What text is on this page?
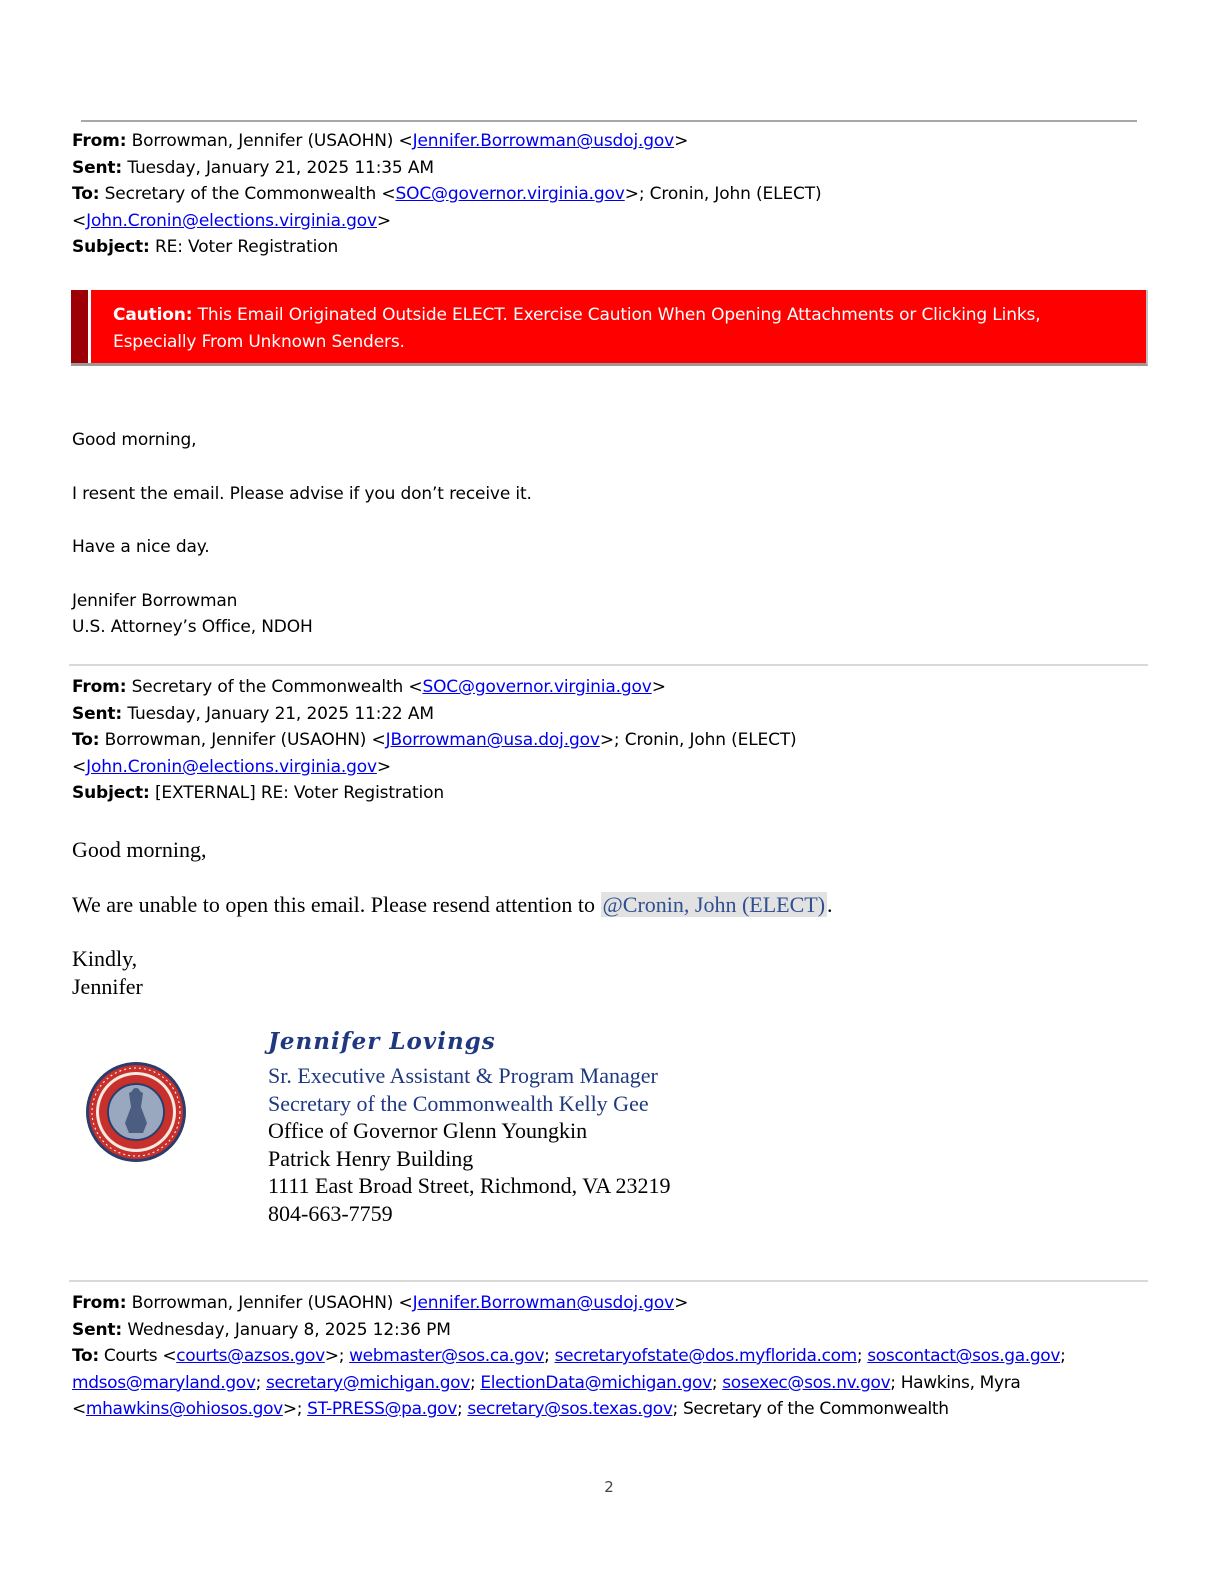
From: Borrowman, Jennifer (USAOHN) <Jennifer.Borrowman@usdoj.gov>
Sent: Tuesday, January 21, 2025 11:35 AM
To: Secretary of the Commonwealth <SOC@governor.virginia.gov>; Cronin, John (ELECT)
<John.Cronin@elections.virginia.gov>
Subject: RE: Voter Registration
Caution: This Email Originated Outside ELECT. Exercise Caution When Opening Attachments or Clicking Links,
Especially From Unknown Senders.
Good morning,
I resent the email. Please advise if you don’t receive it.
Have a nice day.
Jennifer Borrowman
U.S. Attorney’s Office, NDOH
From: Secretary of the Commonwealth <SOC@governor.virginia.gov>
Sent: Tuesday, January 21, 2025 11:22 AM
To: Borrowman, Jennifer (USAOHN) <JBorrowman@usa.doj.gov>; Cronin, John (ELECT)
<John.Cronin@elections.virginia.gov>
Subject: [EXTERNAL] RE: Voter Registration
Good morning,
We are unable to open this email. Please resend attention to @Cronin, John (ELECT).
Kindly,
Jennifer
Jennifer Lovings
Sr. Executive Assistant & Program Manager
Secretary of the Commonwealth Kelly Gee
Office of Governor Glenn Youngkin
Patrick Henry Building
1111 East Broad Street, Richmond, VA 23219
804-663-7759
From: Borrowman, Jennifer (USAOHN) <Jennifer.Borrowman@usdoj.gov>
Sent: Wednesday, January 8, 2025 12:36 PM
To: Courts <courts@azsos.gov>; webmaster@sos.ca.gov; secretaryofstate@dos.myflorida.com; soscontact@sos.ga.gov;
mdsos@maryland.gov; secretary@michigan.gov; ElectionData@michigan.gov; sosexec@sos.nv.gov; Hawkins, Myra
<mhawkins@ohiosos.gov>; ST-PRESS@pa.gov; secretary@sos.texas.gov; Secretary of the Commonwealth
2
